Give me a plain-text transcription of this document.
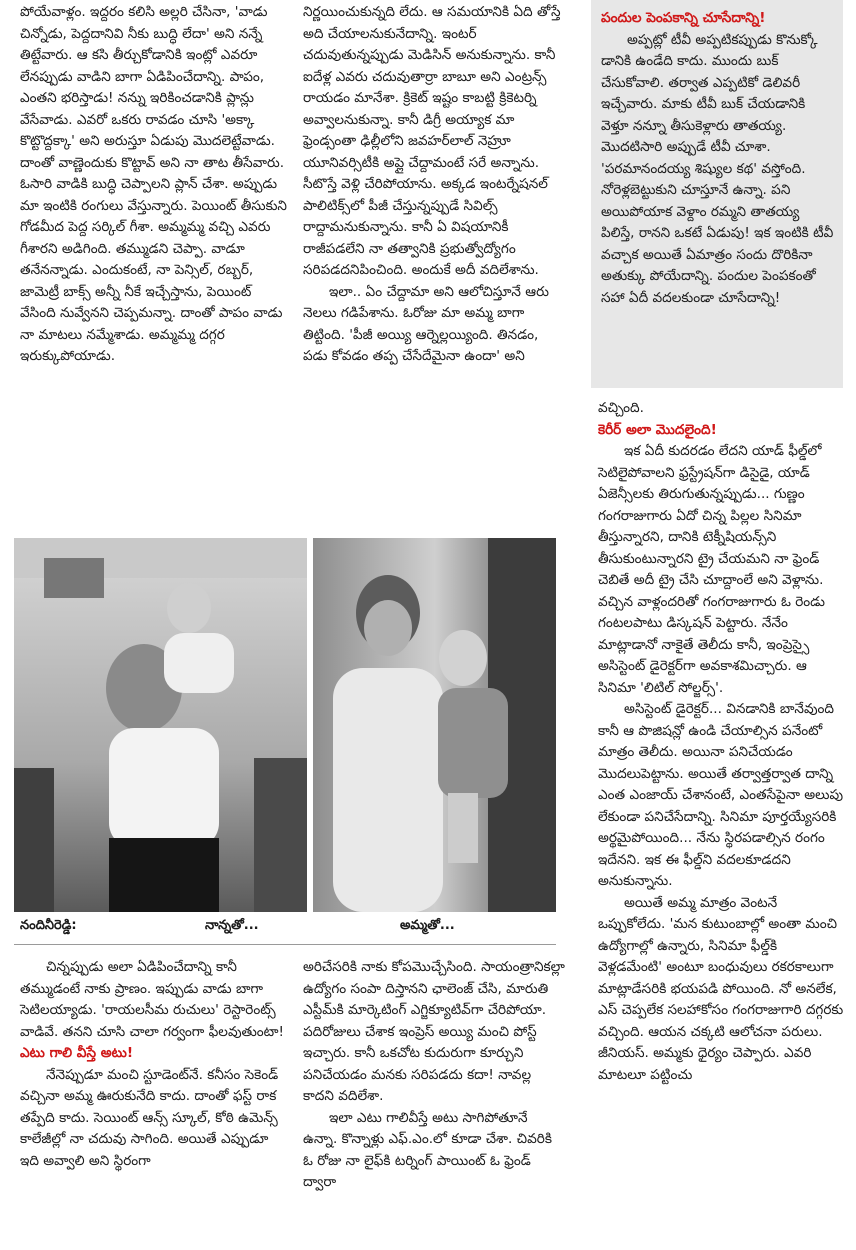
పోయేవాళ్లం. ఇద్దరం కలిసి అల్లరి చేసినా, 'వాడు చిన్నోడు, పెద్దదానివి నీకు బుద్ధి లేదా' అని నన్నే తిట్టేవారు. ఆ కసి తీర్చుకోడానికి ఇంట్లో ఎవరూ లేనప్పుడు వాడిని బాగా ఏడిపించేదాన్ని. పాపం, ఎంతని భరిస్తాడు! నన్ను ఇరికించడానికి ప్లాన్లు వేసేవాడు. ఎవరో ఒకరు రావడం చూసి 'అక్కా కొట్టొద్దక్కా' అని అరుస్తూ ఏడుపు మొదలెట్టేవాడు. దాంతో వాణ్ణెందుకు కొట్టావ్ అని నా తాట తీసేవారు. ఓసారి వాడికి బుద్ధి చెప్పాలని ప్లాన్ చేశా. అప్పుడు మా ఇంటికి రంగులు వేస్తున్నారు. పెయింట్ తీసుకుని గోడమీద పెద్ద సర్కిల్ గీశా. అమ్మమ్మ వచ్చి ఎవరు గీశారని అడిగింది. తమ్ముడని చెప్పా. వాడూ తనేనన్నాడు. ఎందుకంటే, నా పెన్సిల్, రబ్బర్, జామెట్రీ బాక్స్ అన్నీ నీకే ఇచ్చేస్తాను, పెయింట్ వేసింది నువ్వేనని చెప్పమన్నా. దాంతో పాపం వాడు నా మాటలు నమ్మేశాడు. అమ్మమ్మ దగ్గర ఇరుక్కుపోయాడు.

నిర్ణయించుకున్నది లేదు. ఆ సమయానికి ఏది తోస్తే అది చేయాలనుకునేదాన్ని. ఇంటర్ చదువుతున్నప్పుడు మెడిసిన్ అనుకున్నాను. కానీ ఐదేళ్ల ఎవరు చదువుతార్రా బాబూ అని ఎంట్రన్స్ రాయడం మానేశా. క్రికెట్ ఇష్టం కాబట్టి క్రికెటర్ని అవ్వాలనుకున్నా. కానీ డిగ్రీ అయ్యాక మా ఫ్రెండ్సంతా ఢిల్లీలోని జవహర్‌లాల్ నెహ్రూ యూనివర్సిటీకి అప్లై చేద్దామంటే సరే అన్నాను. సీటొస్తే వెళ్లి చేరిపోయాను. అక్కడ ఇంటర్నేషనల్ పాలిటిక్స్‌లో పీజీ చేస్తున్నప్పుడే సివిల్స్ రాద్దామనుకున్నాను. కానీ ఏ విషయానికీ రాజీపడలేని నా తత్వానికి ప్రభుత్వోద్యోగం సరిపడదనిపించింది. అందుకే అదీ వదిలేశాను.

ఇలా.. ఏం చేద్దామా అని ఆలోచిస్తూనే ఆరు నెలలు గడిపేశాను. ఓరోజు మా అమ్మ బాగా తిట్టింది. 'పీజీ అయ్యి ఆర్నెల్లయ్యింది. తినడం, పడు కోవడం తప్ప చేసేదేమైనా ఉందా' అని

పందుల పెంపకాన్ని చూసేదాన్ని!

అప్పట్లో టీవీ అప్పటికప్పుడు కొనుక్కో డానికి ఉండేది కాదు. ముందు బుక్ చేసుకోవాలి. తర్వాత ఎప్పటికో డెలివరీ ఇచ్చేవారు. మాకు టీవీ బుక్ చేయడానికి వెళ్తూ నన్నూ తీసుకెళ్లారు తాతయ్య. మొదటిసారి అప్పుడే టీవీ చూశా. 'పరమానందయ్య శిష్యుల కథ' వస్తోంది. నోరెళ్లబెట్టుకుని చూస్తూనే ఉన్నా. పని అయిపోయాక వెళ్దాం రమ్మని తాతయ్య పిలిస్తే, రానని ఒకటే ఏడుపు! ఇక ఇంటికి టీవీ వచ్చాక అయితే ఏమాత్రం సందు దొరికినా అతుక్కు పోయేదాన్ని. పందుల పెంపకంతో సహా ఏదీ వదలకుండా చూసేదాన్ని!

వచ్చింది.

కెరీర్ అలా మొదలైంది!

ఇక ఏదీ కుదరడం లేదని యాడ్ ఫీల్డ్‌లో సెటిలైపోవాలని ఫ్రస్ట్రేషన్‌గా డిసైడై, యాడ్ ఏజెన్సీలకు తిరుగుతున్నప్పుడు... గుణ్ణం గంగరాజుగారు ఏదో చిన్న పిల్లల సినిమా తీస్తున్నారని, దానికి టెక్నీషియన్స్‌ని తీసుకుంటున్నారని ట్రై చేయమని నా ఫ్రెండ్ చెబితే అదీ ట్రై చేసి చూద్దాంలే అని వెళ్లాను. వచ్చిన వాళ్లందరితో గంగరాజుగారు ఓ రెండు గంటలపాటు డిస్కషన్ పెట్టారు. నేనేం మాట్లాడానో నాకైతే తెలీదు కానీ, ఇంప్రెస్సై అసిస్టెంట్ డైరెక్టర్‌గా అవకాశమిచ్చారు. ఆ సినిమా 'లిటిల్ సోల్జర్స్'.

అసిస్టెంట్ డైరెక్టర్... వినడానికి బానేవుంది కానీ ఆ పొజిషన్లో ఉండి చేయాల్సిన పనేంటో మాత్రం తెలీదు. అయినా పనిచేయడం మొదలుపెట్టాను. అయితే తర్వాత్తర్వాత దాన్ని ఎంత ఎంజాయ్ చేశానంటే, ఎంతసేపైనా అలుపు లేకుండా పనిచేసేదాన్ని. సినిమా పూర్తయ్యేసరికి అర్థమైపోయింది... నేను స్థిరపడాల్సిన రంగం ఇదేనని. ఇక ఈ ఫీల్డ్‌ని వదలకూడదని అనుకున్నాను.

అయితే అమ్మ మాత్రం వెంటనే ఒప్పుకోలేదు. 'మన కుటుంబాల్లో అంతా మంచి ఉద్యోగాల్లో ఉన్నారు, సినిమా ఫీల్డ్‌కి వెళ్లడమేంటి' అంటూ బంధువులు రకరకాలుగా మాట్లాడేసరికి భయపడి పోయింది. నో అనలేక, ఎస్ చెప్పలేక సలహాకోసం గంగరాజుగారి దగ్గరకు వచ్చింది. ఆయన చక్కటి ఆలోచనా పరులు. జీనియస్. అమ్మకు ధైర్యం చెప్పారు. ఎవరి మాటలూ పట్టించు

నందినీరెడ్డి:	నాన్నతో...	అమ్మతో...

చిన్నప్పుడు అలా ఏడిపించేదాన్ని కానీ తమ్ముడంటే నాకు ప్రాణం. ఇప్పుడు వాడు బాగా సెటిలయ్యాడు. 'రాయలసీమ రుచులు' రెస్టారెంట్స్ వాడివే. తనని చూసి చాలా గర్వంగా ఫీలవుతుంటా!

ఎటు గాలి వీస్తే అటు!

నేనెప్పుడూ మంచి స్టూడెంట్‌నే. కనీసం సెకెండ్ వచ్చినా అమ్మ ఊరుకునేది కాదు. దాంతో ఫస్ట్ రాక తప్పేది కాదు. సెయింట్ ఆన్స్ స్కూల్, కోఠి ఉమెన్స్ కాలేజీల్లో నా చదువు సాగింది. అయితే ఎప్పుడూ ఇది అవ్వాలి అని స్థిరంగా

అరిచేసరికి నాకు కోపమొచ్చేసింది. సాయంత్రానికల్లా ఉద్యోగం సంపా దిస్తానని ఛాలెంజ్ చేసి, మారుతి ఎస్టీమ్‌కి మార్కెటింగ్ ఎగ్జిక్యూటివ్‌గా చేరిపోయా. పదిరోజులు చేశాక ఇంప్రెస్ అయ్యి మంచి పోస్ట్ ఇచ్చారు. కానీ ఒకచోట కుదురుగా కూర్చుని పనిచేయడం మనకు సరిపడదు కదా! నావల్ల కాదని వదిలేశా.

ఇలా ఎటు గాలివీస్తే అటు సాగిపోతూనే ఉన్నా. కొన్నాళ్లు ఎఫ్.ఎం.లో కూడా చేశా. చివరికి ఓ రోజు నా లైఫ్‌కి టర్నింగ్ పాయింట్ ఓ ఫ్రెండ్ ద్వారా
